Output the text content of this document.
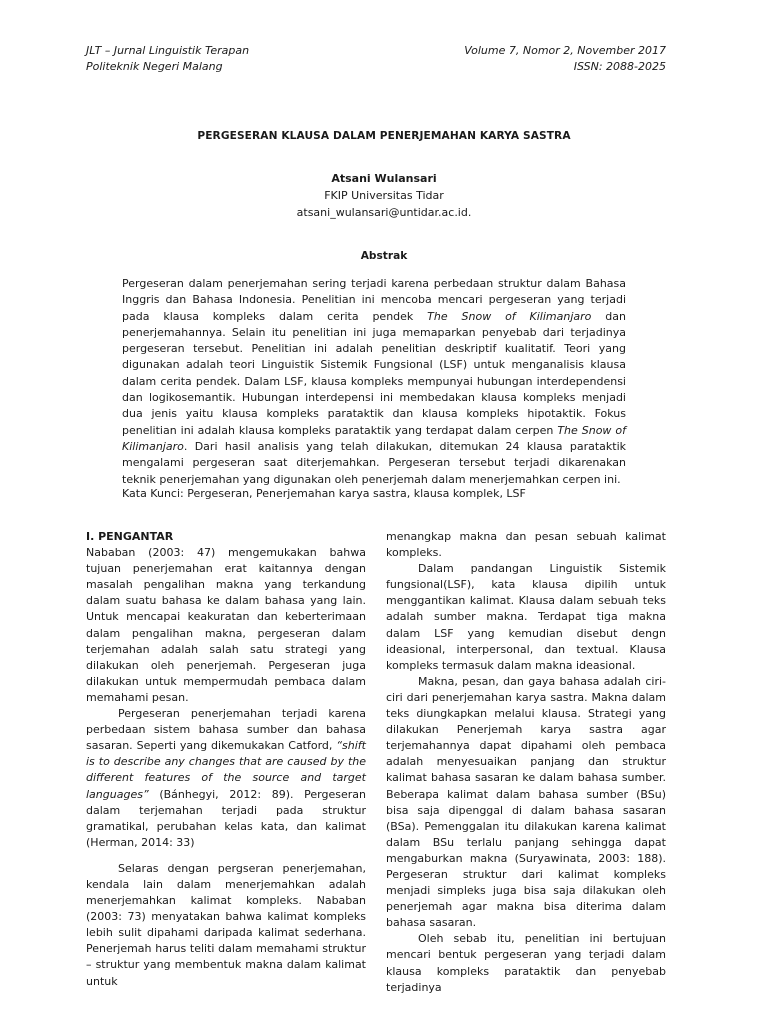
JLT – Jurnal Linguistik Terapan
Politeknik Negeri Malang
Volume 7, Nomor 2, November 2017
ISSN: 2088-2025
PERGESERAN KLAUSA DALAM PENERJEMAHAN KARYA SASTRA
Atsani Wulansari
FKIP Universitas Tidar
atsani_wulansari@untidar.ac.id.
Abstrak
Pergeseran dalam penerjemahan sering terjadi karena perbedaan struktur dalam Bahasa Inggris dan Bahasa Indonesia. Penelitian ini mencoba mencari pergeseran yang terjadi pada klausa kompleks dalam cerita pendek The Snow of Kilimanjaro dan penerjemahannya. Selain itu penelitian ini juga memaparkan penyebab dari terjadinya pergeseran tersebut. Penelitian ini adalah penelitian deskriptif kualitatif. Teori yang digunakan adalah teori Linguistik Sistemik Fungsional (LSF) untuk menganalisis klausa dalam cerita pendek. Dalam LSF, klausa kompleks mempunyai hubungan interdependensi dan logikosemantik. Hubungan interdepensi ini membedakan klausa kompleks menjadi dua jenis yaitu klausa kompleks parataktik dan klausa kompleks hipotaktik. Fokus penelitian ini adalah klausa kompleks parataktik yang terdapat dalam cerpen The Snow of Kilimanjaro. Dari hasil analisis yang telah dilakukan, ditemukan 24 klausa parataktik mengalami pergeseran saat diterjemahkan. Pergeseran tersebut terjadi dikarenakan teknik penerjemahan yang digunakan oleh penerjemah dalam menerjemahkan cerpen ini.
Kata Kunci: Pergeseran, Penerjemahan karya sastra, klausa komplek, LSF

I. PENGANTAR

Nababan (2003: 47) mengemukakan bahwa tujuan penerjemahan erat kaitannya dengan masalah pengalihan makna yang terkandung dalam suatu bahasa ke dalam bahasa yang lain. Untuk mencapai keakuratan dan keberterimaan dalam pengalihan makna, pergeseran dalam terjemahan adalah salah satu strategi yang dilakukan oleh penerjemah. Pergeseran juga dilakukan untuk mempermudah pembaca dalam memahami pesan.

Pergeseran penerjemahan terjadi karena perbedaan sistem bahasa sumber dan bahasa sasaran. Seperti yang dikemukakan Catford, “shift is to describe any changes that are caused by the different features of the source and target languages” (Bánhegyi, 2012: 89). Pergeseran dalam terjemahan terjadi pada struktur gramatikal, perubahan kelas kata, dan kalimat (Herman, 2014: 33)

Selaras dengan pergseran penerjemahan, kendala lain dalam menerjemahkan adalah menerjemahkan kalimat kompleks. Nababan (2003: 73) menyatakan bahwa kalimat kompleks lebih sulit dipahami daripada kalimat sederhana. Penerjemah harus teliti dalam memahami struktur – struktur yang membentuk makna dalam kalimat untuk

menangkap makna dan pesan sebuah kalimat kompleks.

Dalam pandangan Linguistik Sistemik fungsional(LSF), kata klausa dipilih untuk menggantikan kalimat. Klausa dalam sebuah teks adalah sumber makna. Terdapat tiga makna dalam LSF yang kemudian disebut dengn ideasional, interpersonal, dan textual. Klausa kompleks termasuk dalam makna ideasional.

Makna, pesan, dan gaya bahasa adalah ciri-ciri dari penerjemahan karya sastra. Makna dalam teks diungkapkan melalui klausa. Strategi yang dilakukan Penerjemah karya sastra agar terjemahannya dapat dipahami oleh pembaca adalah menyesuaikan panjang dan struktur kalimat bahasa sasaran ke dalam bahasa sumber. Beberapa kalimat dalam bahasa sumber (BSu) bisa saja dipenggal di dalam bahasa sasaran (BSa). Pemenggalan itu dilakukan karena kalimat dalam BSu terlalu panjang sehingga dapat mengaburkan makna (Suryawinata, 2003: 188). Pergeseran struktur dari kalimat kompleks menjadi simpleks juga bisa saja dilakukan oleh penerjemah agar makna bisa diterima dalam bahasa sasaran.

Oleh sebab itu, penelitian ini bertujuan mencari bentuk pergeseran yang terjadi dalam klausa kompleks parataktik dan penyebab terjadinya
